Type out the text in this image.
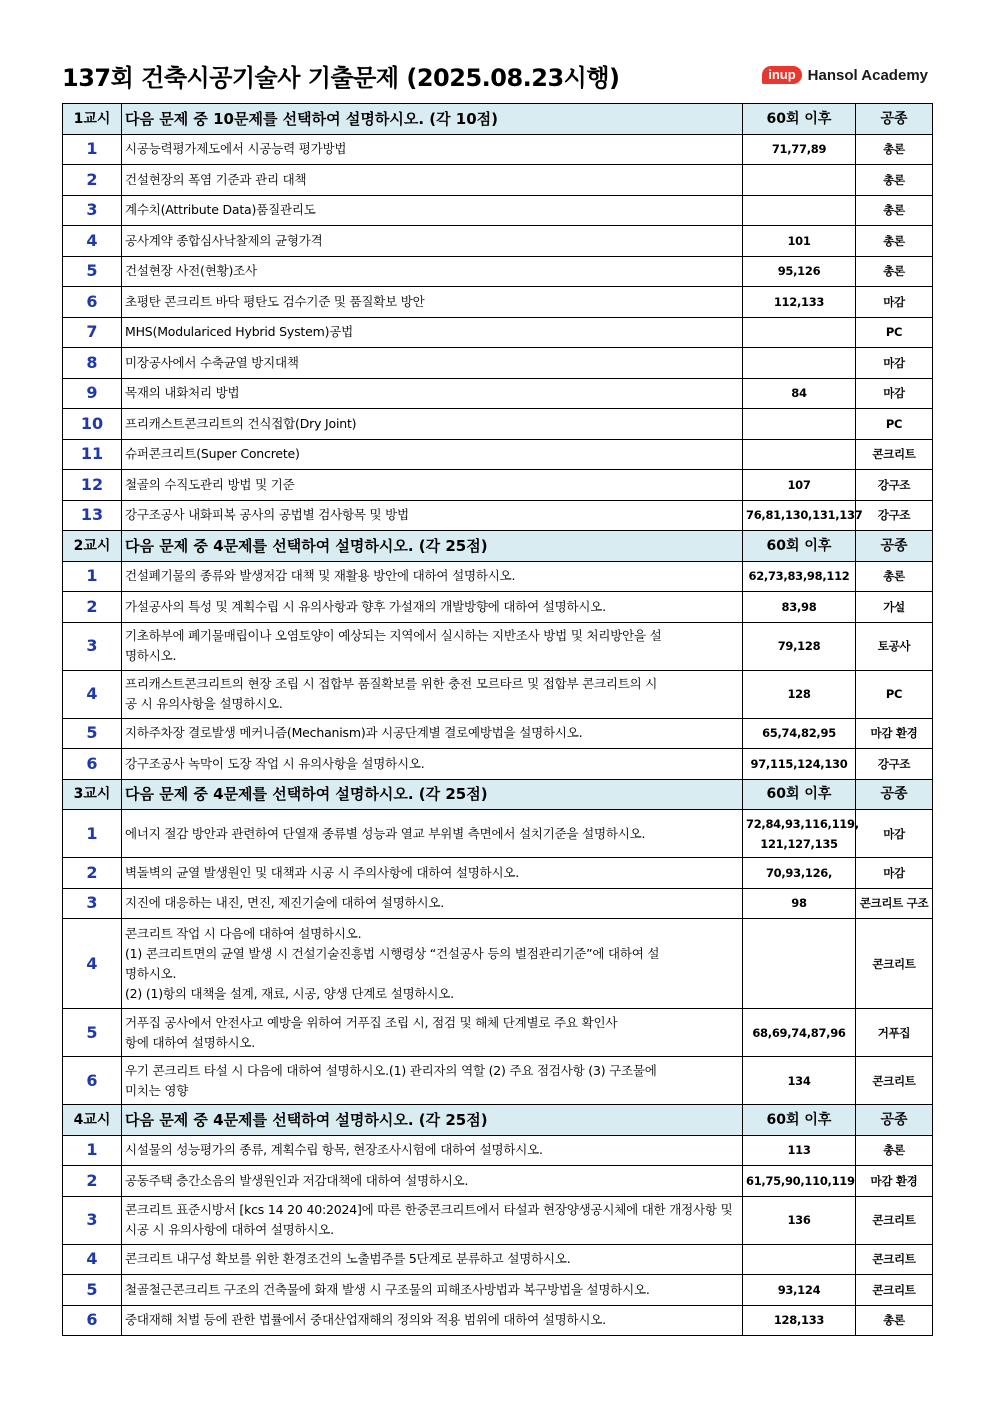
137회 건축시공기술사 기출문제 (2025.08.23시행)	inup Hansol Academy
1교시	다음 문제 중 10문제를 선택하여 설명하시오. (각 10점)	60회 이후	공종
1	시공능력평가제도에서 시공능력 평가방법	71,77,89	총론
2	건설현장의 폭염 기준과 관리 대책		총론
3	계수치(Attribute Data)품질관리도		총론
4	공사계약 종합심사낙찰제의 균형가격	101	총론
5	건설현장 사전(현황)조사	95,126	총론
6	초평탄 콘크리트 바닥 평탄도 검수기준 및 품질확보 방안	112,133	마감
7	MHS(Modulariced Hybrid System)공법		PC
8	미장공사에서 수축균열 방지대책		마감
9	목재의 내화처리 방법	84	마감
10	프리캐스트콘크리트의 건식접합(Dry Joint)		PC
11	슈퍼콘크리트(Super Concrete)		콘크리트
12	철골의 수직도관리 방법 및 기준	107	강구조
13	강구조공사 내화피복 공사의 공법별 검사항목 및 방법	76,81,130,131,137	강구조
2교시	다음 문제 중 4문제를 선택하여 설명하시오. (각 25점)	60회 이후	공종
1	건설폐기물의 종류와 발생저감 대책 및 재활용 방안에 대하여 설명하시오.	62,73,83,98,112	총론
2	가설공사의 특성 및 계획수립 시 유의사항과 향후 가설재의 개발방향에 대하여 설명하시오.	83,98	가설
3	기초하부에 폐기물매립이나 오염토양이 예상되는 지역에서 실시하는 지반조사 방법 및 처리방안을 설
명하시오.	79,128	토공사
4	프리캐스트콘크리트의 현장 조립 시 접합부 품질확보를 위한 충전 모르타르 및 접합부 콘크리트의 시
공 시 유의사항을 설명하시오.	128	PC
5	지하주차장 결로발생 메커니즘(Mechanism)과 시공단계별 결로예방법을 설명하시오.	65,74,82,95	마감 환경
6	강구조공사 녹막이 도장 작업 시 유의사항을 설명하시오.	97,115,124,130	강구조
3교시	다음 문제 중 4문제를 선택하여 설명하시오. (각 25점)	60회 이후	공종
1	에너지 절감 방안과 관련하여 단열재 종류별 성능과 열교 부위별 측면에서 설치기준을 설명하시오.	72,84,93,116,119,
121,127,135	마감
2	벽돌벽의 균열 발생원인 및 대책과 시공 시 주의사항에 대하여 설명하시오.	70,93,126,	마감
3	지진에 대응하는 내진, 면진, 제진기술에 대하여 설명하시오.	98	콘크리트 구조
4	콘크리트 작업 시 다음에 대하여 설명하시오.
(1) 콘크리트면의 균열 발생 시 건설기술진흥법 시행령상 “건설공사 등의 벌점관리기준”에 대하여 설
명하시오.
(2) (1)항의 대책을 설계, 재료, 시공, 양생 단계로 설명하시오.		콘크리트
5	거푸집 공사에서 안전사고 예방을 위하여 거푸집 조립 시, 점검 및 해체 단계별로 주요 확인사
항에 대하여 설명하시오.	68,69,74,87,96	거푸집
6	우기 콘크리트 타설 시 다음에 대하여 설명하시오.(1) 관리자의 역할 (2) 주요 점검사항 (3) 구조물에
미치는 영향	134	콘크리트
4교시	다음 문제 중 4문제를 선택하여 설명하시오. (각 25점)	60회 이후	공종
1	시설물의 성능평가의 종류, 계획수립 항목, 현장조사시험에 대하여 설명하시오.	113	총론
2	공동주택 층간소음의 발생원인과 저감대책에 대하여 설명하시오.	61,75,90,110,119	마감 환경
3	콘크리트 표준시방서 [kcs 14 20 40:2024]에 따른 한중콘크리트에서 타설과 현장양생공시체에 대한 개정사항 및
시공 시 유의사항에 대하여 설명하시오.	136	콘크리트
4	콘크리트 내구성 확보를 위한 환경조건의 노출범주를 5단계로 분류하고 설명하시오.		콘크리트
5	철골철근콘크리트 구조의 건축물에 화재 발생 시 구조물의 피해조사방법과 복구방법을 설명하시오.	93,124	콘크리트
6	중대재해 처벌 등에 관한 법률에서 중대산업재해의 정의와 적용 범위에 대하여 설명하시오.	128,133	총론
